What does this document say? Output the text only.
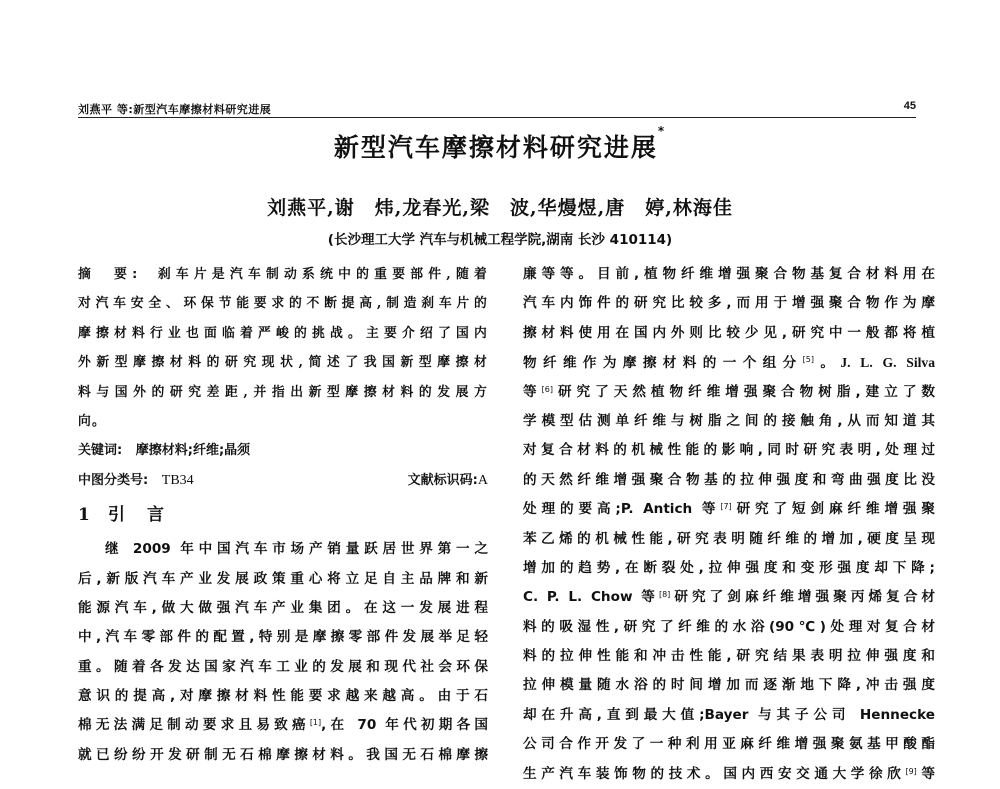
刘燕平 等:新型汽车摩擦材料研究进展	45
新型汽车摩擦材料研究进展*
刘燕平,谢　炜,龙春光,梁　波,华熳煜,唐　婷,林海佳
(长沙理工大学 汽车与机械工程学院,湖南 长沙 410114)
摘　要: 刹车片是汽车制动系统中的重要部件,随着
对汽车安全、环保节能要求的不断提高,制造刹车片的
摩擦材料行业也面临着严峻的挑战。主要介绍了国内
外新型摩擦材料的研究现状,简述了我国新型摩擦材
料与国外的研究差距,并指出新型摩擦材料的发展方
向。
关键词: 摩擦材料;纤维;晶须
中图分类号: TB34	文献标识码:A
1 引言
继 2009 年中国汽车市场产销量跃居世界第一之
后,新版汽车产业发展政策重心将立足自主品牌和新
能源汽车,做大做强汽车产业集团。在这一发展进程
中,汽车零部件的配置,特别是摩擦零部件发展举足轻
重。随着各发达国家汽车工业的发展和现代社会环保
意识的提高,对摩擦材料性能要求越来越高。由于石
棉无法满足制动要求且易致癌[1],在 70 年代初期各国
就已纷纷开发研制无石棉摩擦材料。我国无石棉摩擦
廉等等。目前,植物纤维增强聚合物基复合材料用在
汽车内饰件的研究比较多,而用于增强聚合物作为摩
擦材料使用在国内外则比较少见,研究中一般都将植
物纤维作为摩擦材料的一个组分[5]。J. L. G. Silva
等[6]研究了天然植物纤维增强聚合物树脂,建立了数
学模型估测单纤维与树脂之间的接触角,从而知道其
对复合材料的机械性能的影响,同时研究表明,处理过
的天然纤维增强聚合物基的拉伸强度和弯曲强度比没
处理的要高;P. Antich 等[7]研究了短剑麻纤维增强聚
苯乙烯的机械性能,研究表明随纤维的增加,硬度呈现
增加的趋势,在断裂处,拉伸强度和变形强度却下降;
C. P. L. Chow 等[8]研究了剑麻纤维增强聚丙烯复合材
料的吸湿性,研究了纤维的水浴(90℃)处理对复合材
料的拉伸性能和冲击性能,研究结果表明拉伸强度和
拉伸模量随水浴的时间增加而逐渐地下降,冲击强度
却在升高,直到最大值;Bayer 与其子公司 Hennecke
公司合作开发了一种利用亚麻纤维增强聚氨基甲酸酯
生产汽车装饰物的技术。国内西安交通大学徐欣[9]等
